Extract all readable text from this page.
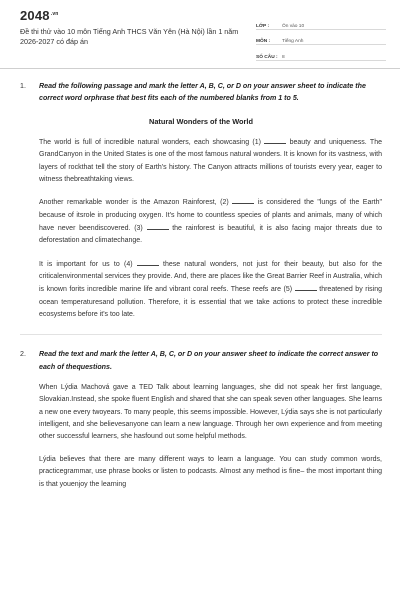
$2048^{.vn}$
Đề thi thử vào 10 môn Tiếng Anh THCS Văn Yên (Hà Nội) lần 1 năm 2026-2027 có đáp án
LỚP :	Ôn vào 10
MÔN :	Tiếng Anh
SỐ CÂU : 8
1.	Read the following passage and mark the letter A, B, C, or D on your answer sheet to indicate the correct word orphrase that best fits each of the numbered blanks from 1 to 5.
Natural Wonders of the World

The world is full of incredible natural wonders, each showcasing (1)	beauty and uniqueness. The GrandCanyon in the United States is one of the most famous natural wonders. It is known for its vastness, with layers of rockthat tell the story of Earth's history. The Canyon attracts millions of tourists every year, eager to witness thebreathtaking views.

Another remarkable wonder is the Amazon Rainforest, (2)	is considered the "lungs of the Earth" because of itsrole in producing oxygen. It's home to countless species of plants and animals, many of which have never beendiscovered. (3)	the rainforest is beautiful, it is also facing major threats due to deforestation and climatechange.

It is important for us to (4)	these natural wonders, not just for their beauty, but also for the criticalenvironmental services they provide. And, there are places like the Great Barrier Reef in Australia, which is known forits incredible marine life and vibrant coral reefs. These reefs are (5)	threatened by rising ocean temperaturesand pollution. Therefore, it is essential that we take actions to protect these incredible ecosystems before it's too late.

2.	Read the text and mark the letter A, B, C, or D on your answer sheet to indicate the correct answer to each of thequestions.

When Lýdia Machová gave a TED Talk about learning languages, she did not speak her first language, Slovakian.Instead, she spoke fluent English and shared that she can speak seven other languages. She learns a new one every twoyears. To many people, this seems impossible. However, Lýdia says she is not particularly intelligent, and she believesanyone can learn a new language. Through her own experience and from meeting other successful learners, she hasfound out some helpful methods.

Lýdia believes that there are many different ways to learn a language. You can study common words, practicegrammar, use phrase books or listen to podcasts. Almost any method is fine– the most important thing is that youenjoy the learning
